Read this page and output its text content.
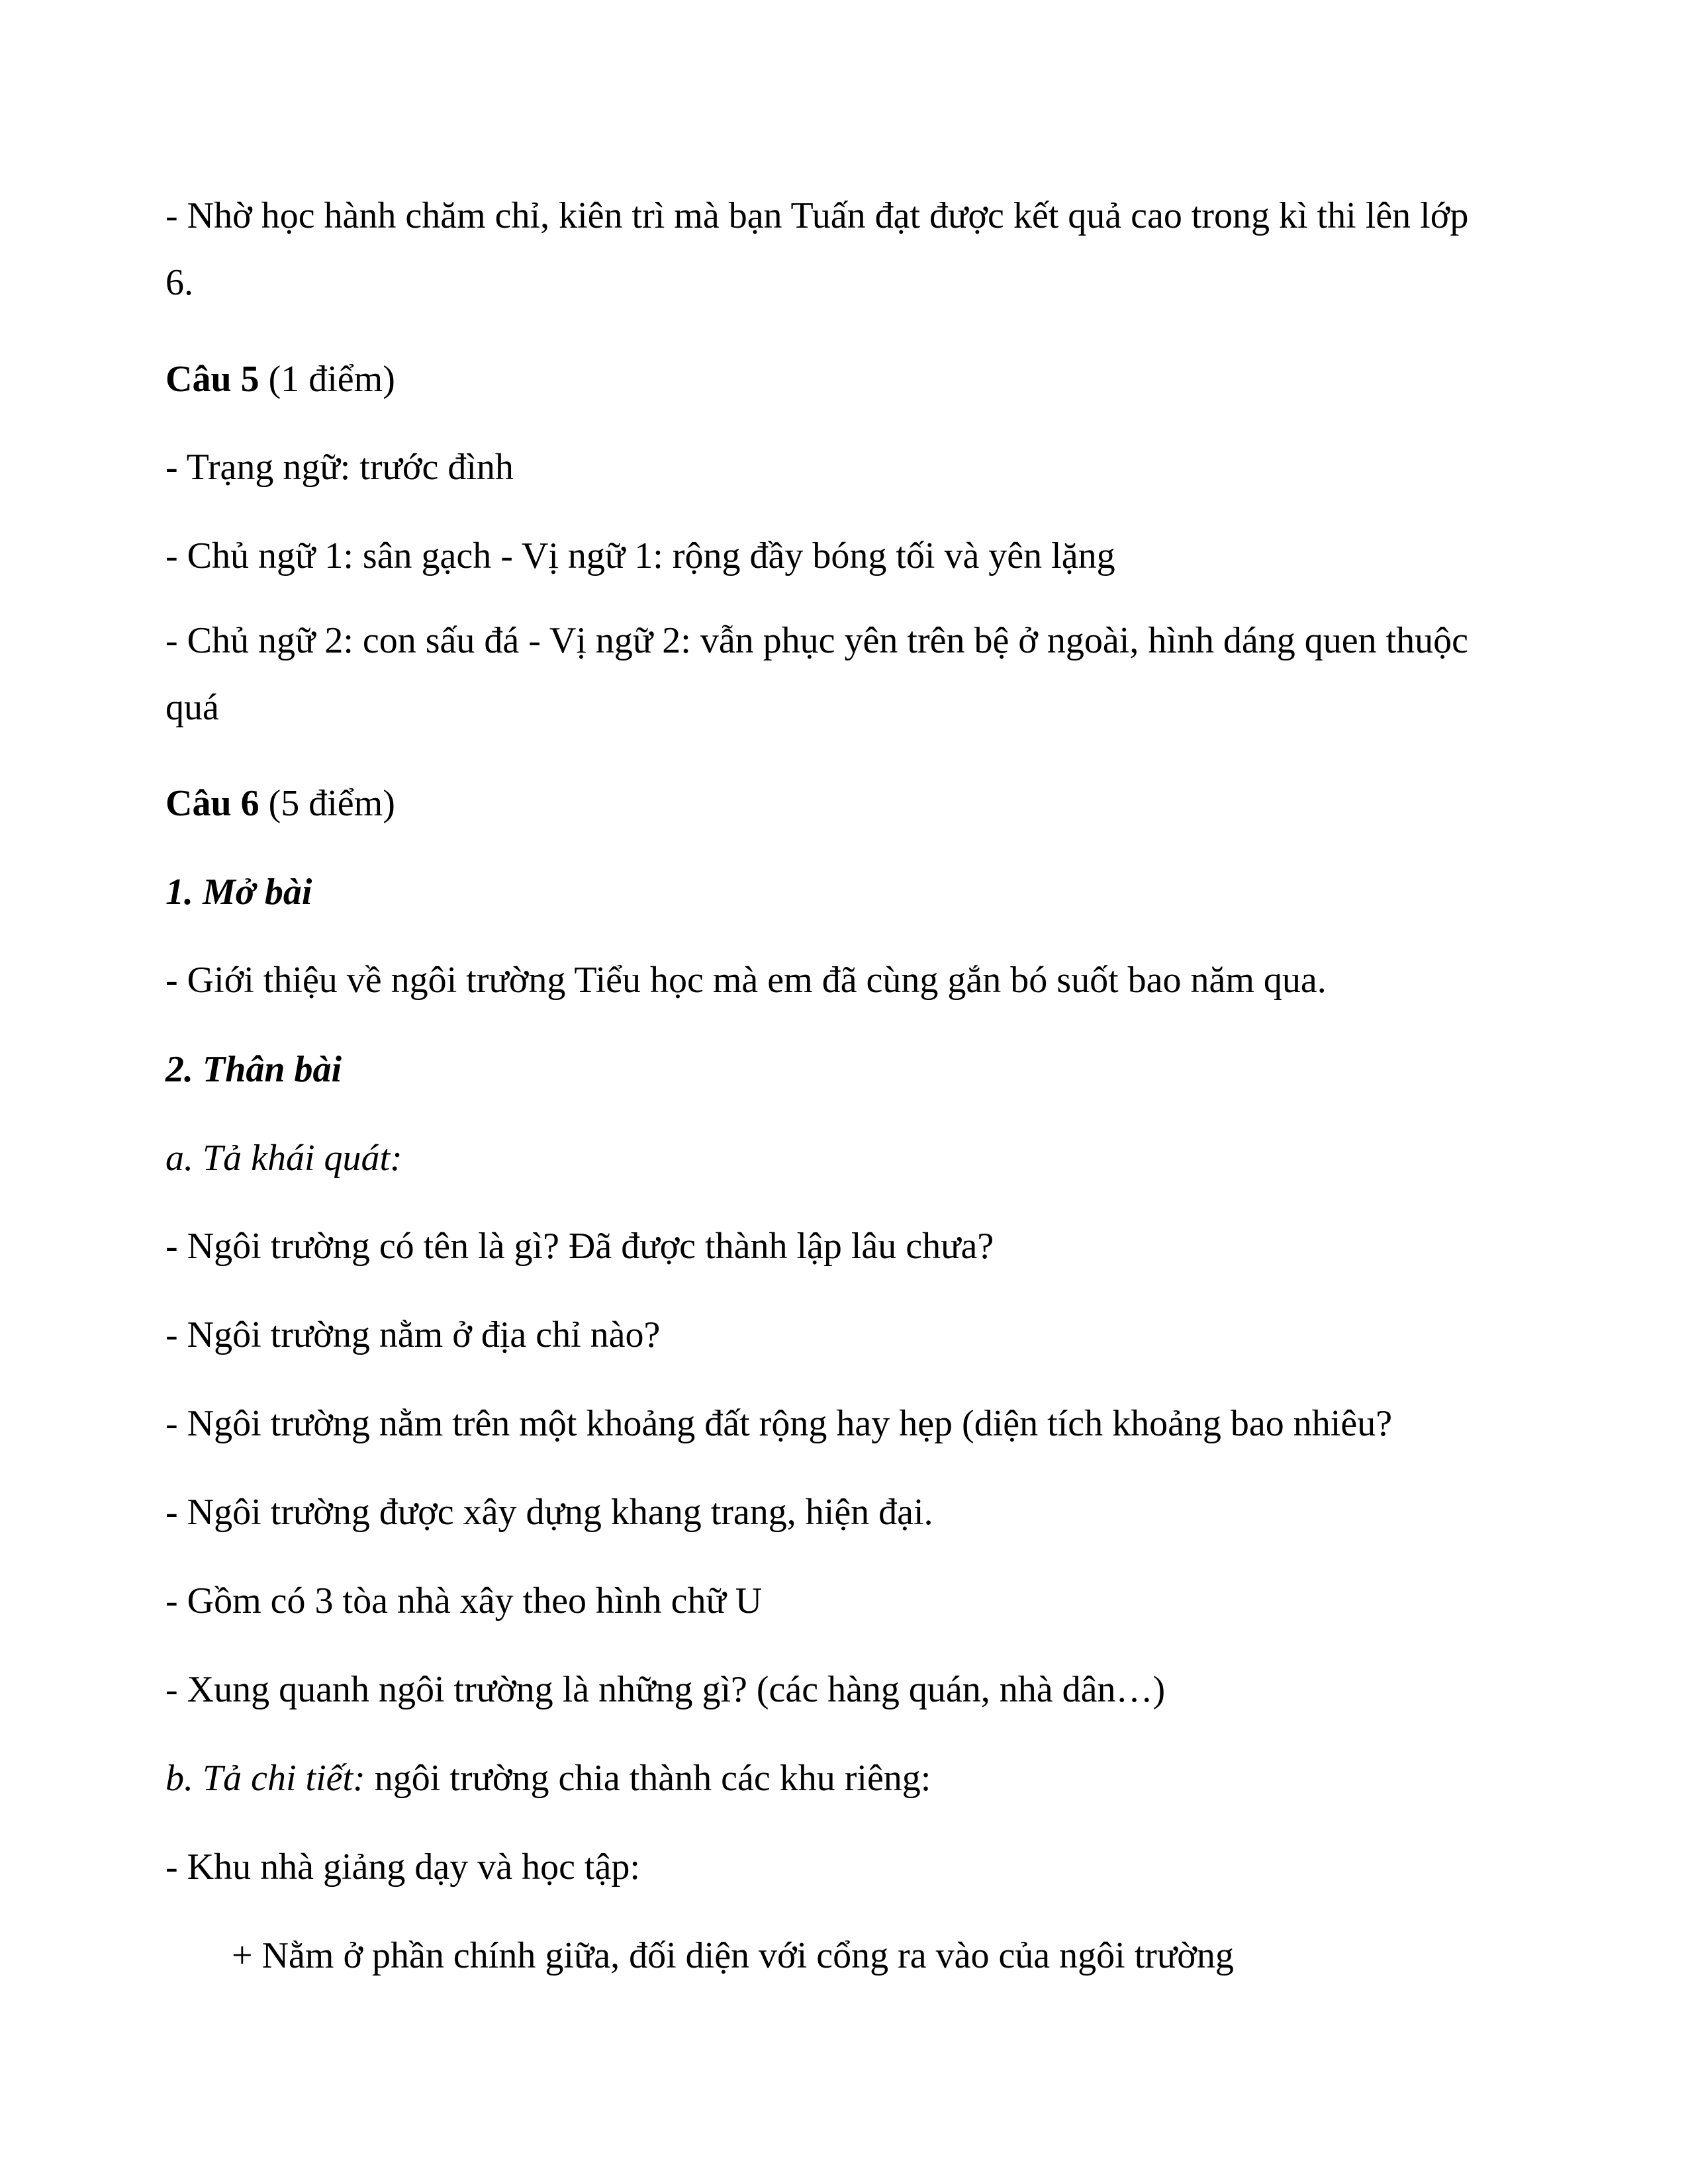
- Nhờ học hành chăm chỉ, kiên trì mà bạn Tuấn đạt được kết quả cao trong kì thi lên lớp 6.
Câu 5 (1 điểm)
- Trạng ngữ: trước đình
- Chủ ngữ 1: sân gạch - Vị ngữ 1: rộng đầy bóng tối và yên lặng
- Chủ ngữ 2: con sấu đá - Vị ngữ 2: vẫn phục yên trên bệ ở ngoài, hình dáng quen thuộc quá
Câu 6 (5 điểm)
1. Mở bài
- Giới thiệu về ngôi trường Tiểu học mà em đã cùng gắn bó suốt bao năm qua.
2. Thân bài
a. Tả khái quát:
- Ngôi trường có tên là gì? Đã được thành lập lâu chưa?
- Ngôi trường nằm ở địa chỉ nào?
- Ngôi trường nằm trên một khoảng đất rộng hay hẹp (diện tích khoảng bao nhiêu?
- Ngôi trường được xây dựng khang trang, hiện đại.
- Gồm có 3 tòa nhà xây theo hình chữ U
- Xung quanh ngôi trường là những gì? (các hàng quán, nhà dân…)
b. Tả chi tiết: ngôi trường chia thành các khu riêng:
- Khu nhà giảng dạy và học tập:
+ Nằm ở phần chính giữa, đối diện với cổng ra vào của ngôi trường
